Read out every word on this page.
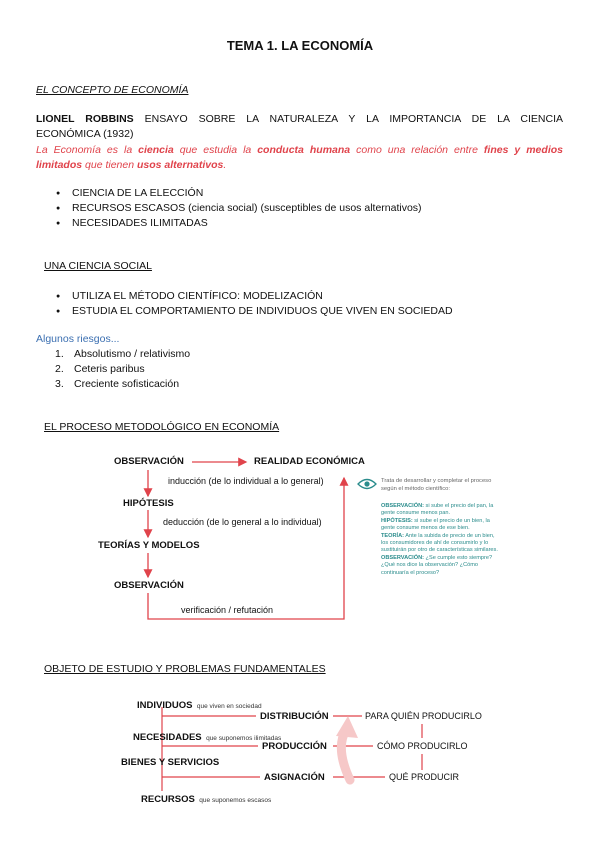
TEMA 1. LA ECONOMÍA
EL CONCEPTO DE ECONOMÍA
LIONEL ROBBINS ENSAYO SOBRE LA NATURALEZA Y LA IMPORTANCIA DE LA CIENCIA
ECONÓMICA (1932)
La Economía es la ciencia que estudia la conducta humana como una relación entre fines y medios
limitados que tienen usos alternativos.
● CIENCIA DE LA ELECCIÓN
● RECURSOS ESCASOS (ciencia social) (susceptibles de usos alternativos)
● NECESIDADES ILIMITADAS
UNA CIENCIA SOCIAL
● UTILIZA EL MÉTODO CIENTÍFICO: MODELIZACIÓN
● ESTUDIA EL COMPORTAMIENTO DE INDIVIDUOS QUE VIVEN EN SOCIEDAD
Algunos riesgos...
1. Absolutismo / relativismo
2. Ceteris paribus
3. Creciente sofisticación
EL PROCESO METODOLÓGICO EN ECONOMÍA
OBSERVACIÓN	REALIDAD ECONÓMICA
inducción (de lo individual a lo general)
HIPÓTESIS
deducción (de lo general a lo individual)
TEORÍAS Y MODELOS
OBSERVACIÓN
verificación / refutación
Trata de desarrollar y completar el proceso según el método científico:
OBSERVACIÓN: si sube el precio del pan, la gente consume menos pan.
HIPÓTESIS: si sube el precio de un bien, la gente consume menos de ese bien.
TEORÍA: Ante la subida de precio de un bien, los consumidores de ahí de consumirlo y lo sustituirán por otro de características similares.
OBSERVACIÓN: ¿Se cumple esto siempre? ¿Qué nos dice la observación? ¿Cómo continuaría el proceso?
OBJETO DE ESTUDIO Y PROBLEMAS FUNDAMENTALES
INDIVIDUOS que viven en sociedad
DISTRIBUCIÓN
NECESIDADES que suponemos ilimitadas
PRODUCCIÓN
BIENES Y SERVICIOS
ASIGNACIÓN
RECURSOS que suponemos escasos
PARA QUIÉN PRODUCIRLO
CÓMO PRODUCIRLO
QUÉ PRODUCIR
